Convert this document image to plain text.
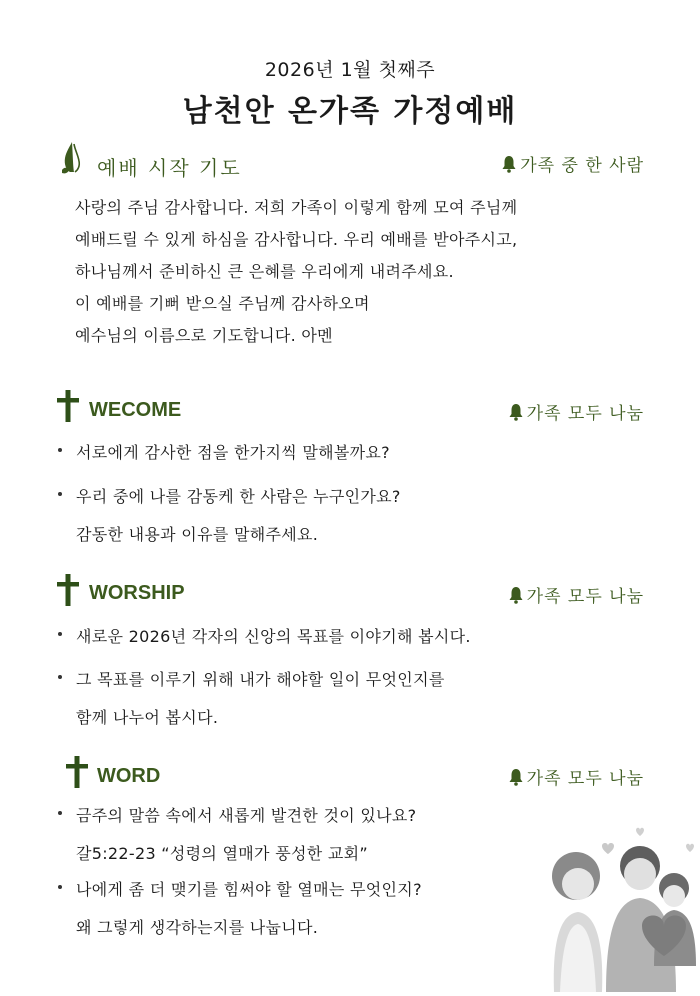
2026년 1월 첫째주
남천안 온가족 가정예배
예배 시작 기도	가족 중 한 사람
사랑의 주님 감사합니다. 저희 가족이 이렇게 함께 모여 주님께
예배드릴 수 있게 하심을 감사합니다. 우리 예배를 받아주시고,
하나님께서 준비하신 큰 은혜를 우리에게 내려주세요.
이 예배를 기뻐 받으실 주님께 감사하오며
예수님의 이름으로 기도합니다. 아멘
WECOME	가족 모두 나눔
서로에게 감사한 점을 한가지씩 말해볼까요?
우리 중에 나를 감동케 한 사람은 누구인가요?
감동한 내용과 이유를 말해주세요.
WORSHIP	가족 모두 나눔
새로운 2026년 각자의 신앙의 목표를 이야기해 봅시다.
그 목표를 이루기 위해 내가 해야할 일이 무엇인지를
함께 나누어 봅시다.
WORD	가족 모두 나눔
금주의 말씀 속에서 새롭게 발견한 것이 있나요?
갈5:22-23 “성령의 열매가 풍성한 교회”
나에게 좀 더 맺기를 힘써야 할 열매는 무엇인지?
왜 그렇게 생각하는지를 나눕니다.
